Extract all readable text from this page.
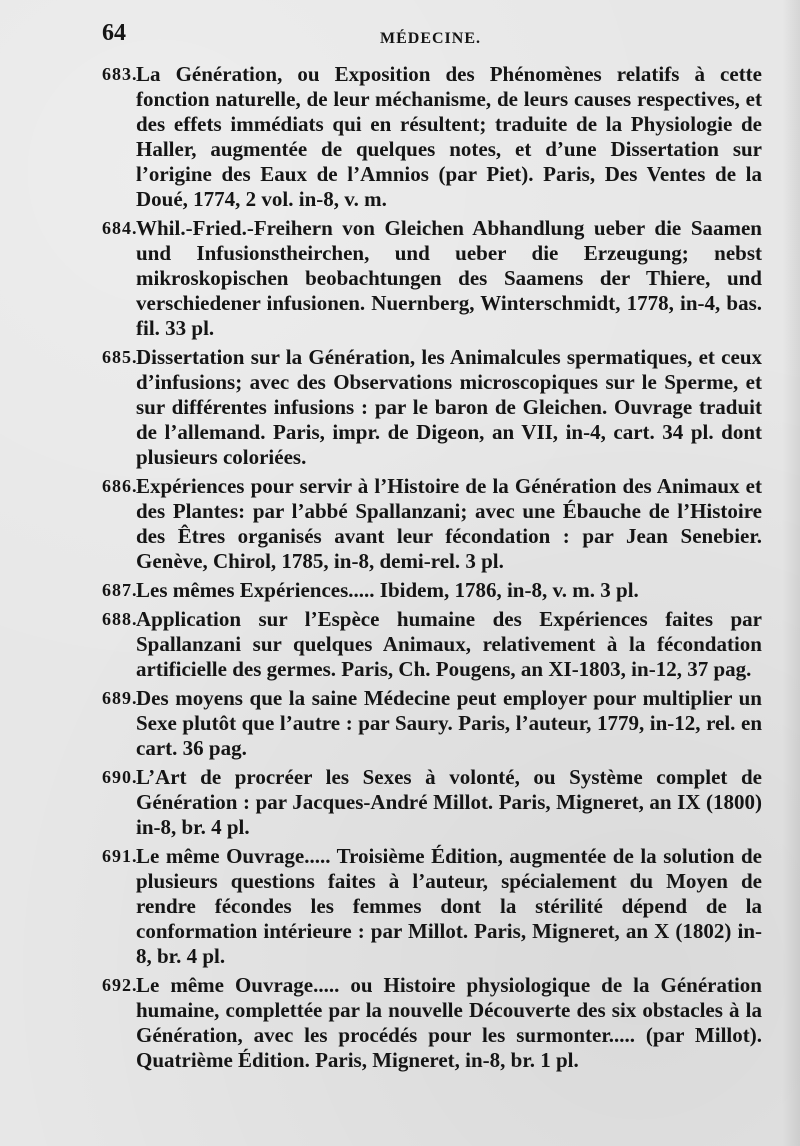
64	MÉDECINE.
683.
La Génération, ou Exposition des Phénomènes relatifs à cette fonction naturelle, de leur méchanisme, de leurs causes respectives, et des effets immédiats qui en résultent; traduite de la Physiologie de Haller, augmentée de quelques notes, et d’une Dissertation sur l’origine des Eaux de l’Amnios (par Piet). Paris, Des Ventes de la Doué, 1774, 2 vol. in-8, v. m.
684.
Whil.-Fried.-Freihern von Gleichen Abhandlung ueber die Saamen und Infusionstheirchen, und ueber die Erzeugung; nebst mikroskopischen beobachtungen des Saamens der Thiere, und verschiedener infusionen. Nuernberg, Winterschmidt, 1778, in-4, bas. fil. 33 pl.
685.
Dissertation sur la Génération, les Animalcules spermatiques, et ceux d’infusions; avec des Observations microscopiques sur le Sperme, et sur différentes infusions : par le baron de Gleichen. Ouvrage traduit de l’allemand. Paris, impr. de Digeon, an VII, in-4, cart. 34 pl. dont plusieurs coloriées.
686.
Expériences pour servir à l’Histoire de la Génération des Animaux et des Plantes: par l’abbé Spallanzani; avec une Ébauche de l’Histoire des Êtres organisés avant leur fécondation : par Jean Senebier. Genève, Chirol, 1785, in-8, demi-rel. 3 pl.
687.
Les mêmes Expériences..... Ibidem, 1786, in-8, v. m. 3 pl.
688.
Application sur l’Espèce humaine des Expériences faites par Spallanzani sur quelques Animaux, relativement à la fécondation artificielle des germes. Paris, Ch. Pougens, an XI-1803, in-12, 37 pag.
689.
Des moyens que la saine Médecine peut employer pour multiplier un Sexe plutôt que l’autre : par Saury. Paris, l’auteur, 1779, in-12, rel. en cart. 36 pag.
690.
L’Art de procréer les Sexes à volonté, ou Système complet de Génération : par Jacques-André Millot. Paris, Migneret, an IX (1800) in-8, br. 4 pl.
691.
Le même Ouvrage..... Troisième Édition, augmentée de la solution de plusieurs questions faites à l’auteur, spécialement du Moyen de rendre fécondes les femmes dont la stérilité dépend de la conformation intérieure : par Millot. Paris, Migneret, an X (1802) in-8, br. 4 pl.
692.
Le même Ouvrage..... ou Histoire physiologique de la Génération humaine, complettée par la nouvelle Découverte des six obstacles à la Génération, avec les procédés pour les surmonter..... (par Millot). Quatrième Édition. Paris, Migneret, in-8, br. 1 pl.
